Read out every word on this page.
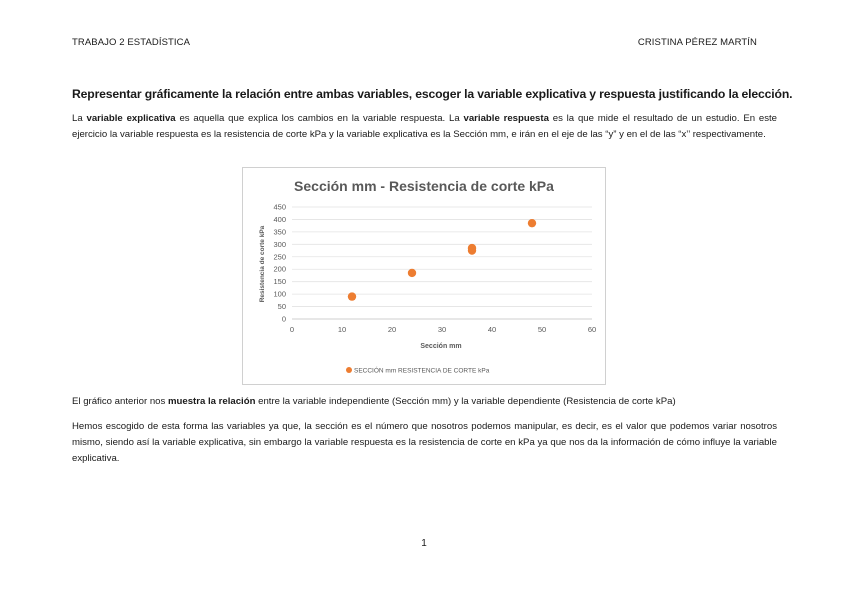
TRABAJO 2 ESTADÍSTICA	CRISTINA PÉREZ MARTÍN
Representar gráficamente la relación entre ambas variables, escoger la variable explicativa y respuesta justificando la elección.
La variable explicativa es aquella que explica los cambios en la variable respuesta. La variable respuesta es la que mide el resultado de un estudio. En este ejercicio la variable respuesta es la resistencia de corte kPa y la variable explicativa es la Sección mm, e irán en el eje de las “y” y en el de las “x’’ respectivamente.
Sección mm - Resistencia de corte kPa
0
50
100
150
200
250
300
350
400
450
0	10	20	30	40	50	60
Sección mm
Resistencia de corte kPa
SECCIÓN mm RESISTENCIA DE CORTE kPa
El gráfico anterior nos muestra la relación entre la variable independiente (Sección mm) y la variable dependiente (Resistencia de corte kPa)
Hemos escogido de esta forma las variables ya que, la sección es el número que nosotros podemos manipular, es decir, es el valor que podemos variar nosotros mismo, siendo así la variable explicativa, sin embargo la variable respuesta es la resistencia de corte en kPa ya que nos da la información de cómo influye la variable explicativa.
1
